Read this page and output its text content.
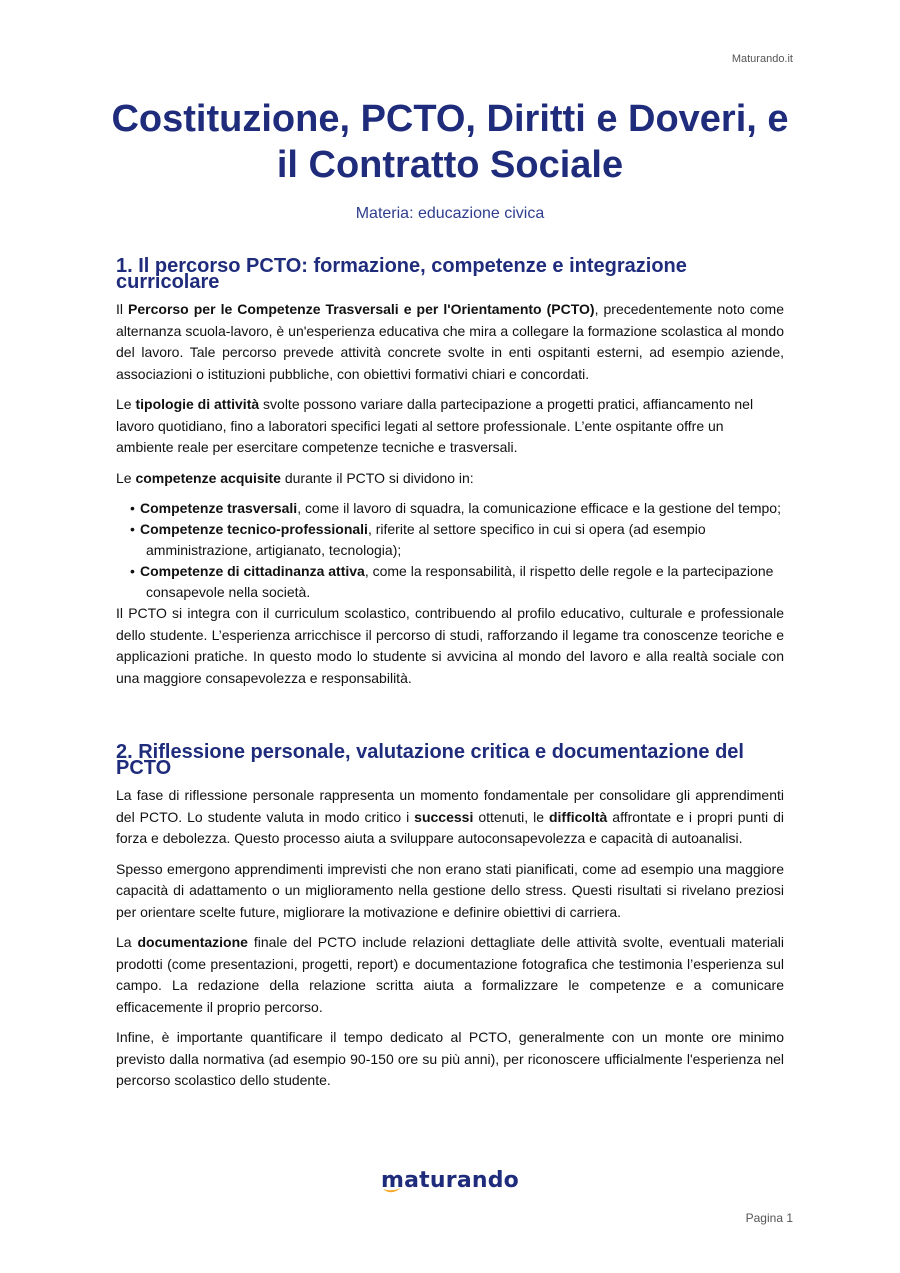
Maturando.it
Costituzione, PCTO, Diritti e Doveri, e il Contratto Sociale
Materia: educazione civica
1. Il percorso PCTO: formazione, competenze e integrazione curricolare

Il Percorso per le Competenze Trasversali e per l'Orientamento (PCTO), precedentemente noto come alternanza scuola-lavoro, è un'esperienza educativa che mira a collegare la formazione scolastica al mondo del lavoro. Tale percorso prevede attività concrete svolte in enti ospitanti esterni, ad esempio aziende, associazioni o istituzioni pubbliche, con obiettivi formativi chiari e concordati.

Le tipologie di attività svolte possono variare dalla partecipazione a progetti pratici, affiancamento nel lavoro quotidiano, fino a laboratori specifici legati al settore professionale. L’ente ospitante offre un ambiente reale per esercitare competenze tecniche e trasversali.

Le competenze acquisite durante il PCTO si dividono in:

• Competenze trasversali, come il lavoro di squadra, la comunicazione efficace e la gestione del tempo;
• Competenze tecnico-professionali, riferite al settore specifico in cui si opera (ad esempio amministrazione, artigianato, tecnologia);
• Competenze di cittadinanza attiva, come la responsabilità, il rispetto delle regole e la partecipazione consapevole nella società.

Il PCTO si integra con il curriculum scolastico, contribuendo al profilo educativo, culturale e professionale dello studente. L’esperienza arricchisce il percorso di studi, rafforzando il legame tra conoscenze teoriche e applicazioni pratiche. In questo modo lo studente si avvicina al mondo del lavoro e alla realtà sociale con una maggiore consapevolezza e responsabilità.

2. Riflessione personale, valutazione critica e documentazione del PCTO

La fase di riflessione personale rappresenta un momento fondamentale per consolidare gli apprendimenti del PCTO. Lo studente valuta in modo critico i successi ottenuti, le difficoltà affrontate e i propri punti di forza e debolezza. Questo processo aiuta a sviluppare autoconsapevolezza e capacità di autoanalisi.

Spesso emergono apprendimenti imprevisti che non erano stati pianificati, come ad esempio una maggiore capacità di adattamento o un miglioramento nella gestione dello stress. Questi risultati si rivelano preziosi per orientare scelte future, migliorare la motivazione e definire obiettivi di carriera.

La documentazione finale del PCTO include relazioni dettagliate delle attività svolte, eventuali materiali prodotti (come presentazioni, progetti, report) e documentazione fotografica che testimonia l’esperienza sul campo. La redazione della relazione scritta aiuta a formalizzare le competenze e a comunicare efficacemente il proprio percorso.

Infine, è importante quantificare il tempo dedicato al PCTO, generalmente con un monte ore minimo previsto dalla normativa (ad esempio 90-150 ore su più anni), per riconoscere ufficialmente l'esperienza nel percorso scolastico dello studente.

maturando
Pagina 1
